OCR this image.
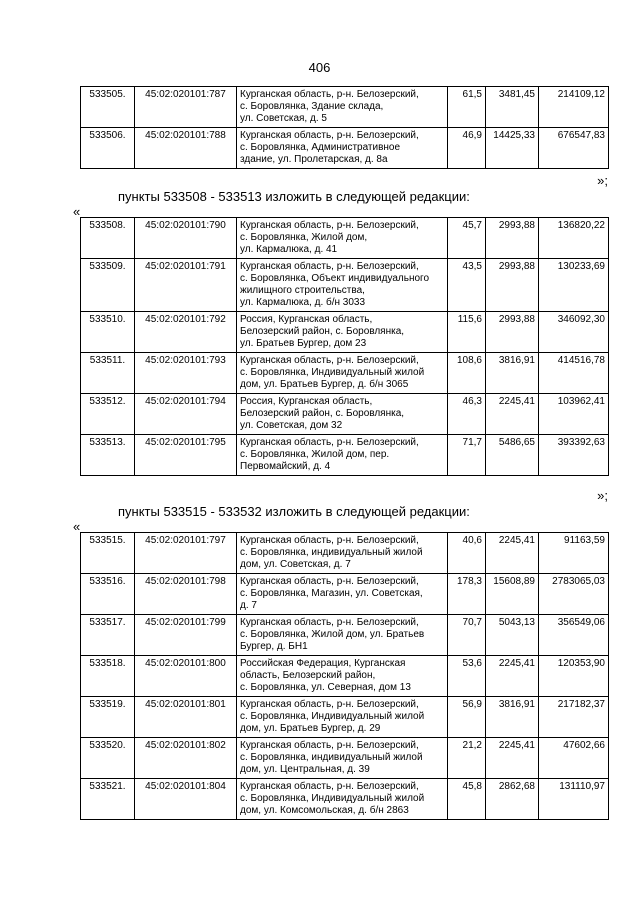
406
533505.	45:02:020101:787	Курганская область, р-н. Белозерский,
с. Боровлянка, Здание склада,
ул. Советская, д. 5	61,5	3481,45	214109,12
533506.	45:02:020101:788	Курганская область, р-н. Белозерский,
с. Боровлянка, Административное
здание, ул. Пролетарская, д. 8а	46,9	14425,33	676547,83
»;
пункты 533508 - 533513 изложить в следующей редакции:
«
533508.	45:02:020101:790	Курганская область, р-н. Белозерский,
с. Боровлянка, Жилой дом,
ул. Кармалюка, д. 41	45,7	2993,88	136820,22
533509.	45:02:020101:791	Курганская область, р-н. Белозерский,
с. Боровлянка, Объект индивидуального
жилищного строительства,
ул. Кармалюка, д. б/н 3033	43,5	2993,88	130233,69
533510.	45:02:020101:792	Россия, Курганская область,
Белозерский район, с. Боровлянка,
ул. Братьев Бургер, дом 23	115,6	2993,88	346092,30
533511.	45:02:020101:793	Курганская область, р-н. Белозерский,
с. Боровлянка, Индивидуальный жилой
дом, ул. Братьев Бургер, д. б/н 3065	108,6	3816,91	414516,78
533512.	45:02:020101:794	Россия, Курганская область,
Белозерский район, с. Боровлянка,
ул. Советская, дом 32	46,3	2245,41	103962,41
533513.	45:02:020101:795	Курганская область, р-н. Белозерский,
с. Боровлянка, Жилой дом, пер.
Первомайский, д. 4	71,7	5486,65	393392,63
»;
пункты 533515 - 533532 изложить в следующей редакции:
«
533515.	45:02:020101:797	Курганская область, р-н. Белозерский,
с. Боровлянка, индивидуальный жилой
дом, ул. Советская, д. 7	40,6	2245,41	91163,59
533516.	45:02:020101:798	Курганская область, р-н. Белозерский,
с. Боровлянка, Магазин, ул. Советская,
д. 7	178,3	15608,89	2783065,03
533517.	45:02:020101:799	Курганская область, р-н. Белозерский,
с. Боровлянка, Жилой дом, ул. Братьев
Бургер, д. БН1	70,7	5043,13	356549,06
533518.	45:02:020101:800	Российская Федерация, Курганская
область, Белозерский район,
с. Боровлянка, ул. Северная, дом 13	53,6	2245,41	120353,90
533519.	45:02:020101:801	Курганская область, р-н. Белозерский,
с. Боровлянка, Индивидуальный жилой
дом, ул. Братьев Бургер, д. 29	56,9	3816,91	217182,37
533520.	45:02:020101:802	Курганская область, р-н. Белозерский,
с. Боровлянка, индивидуальный жилой
дом, ул. Центральная, д. 39	21,2	2245,41	47602,66
533521.	45:02:020101:804	Курганская область, р-н. Белозерский,
с. Боровлянка, Индивидуальный жилой
дом, ул. Комсомольская, д. б/н 2863	45,8	2862,68	131110,97
